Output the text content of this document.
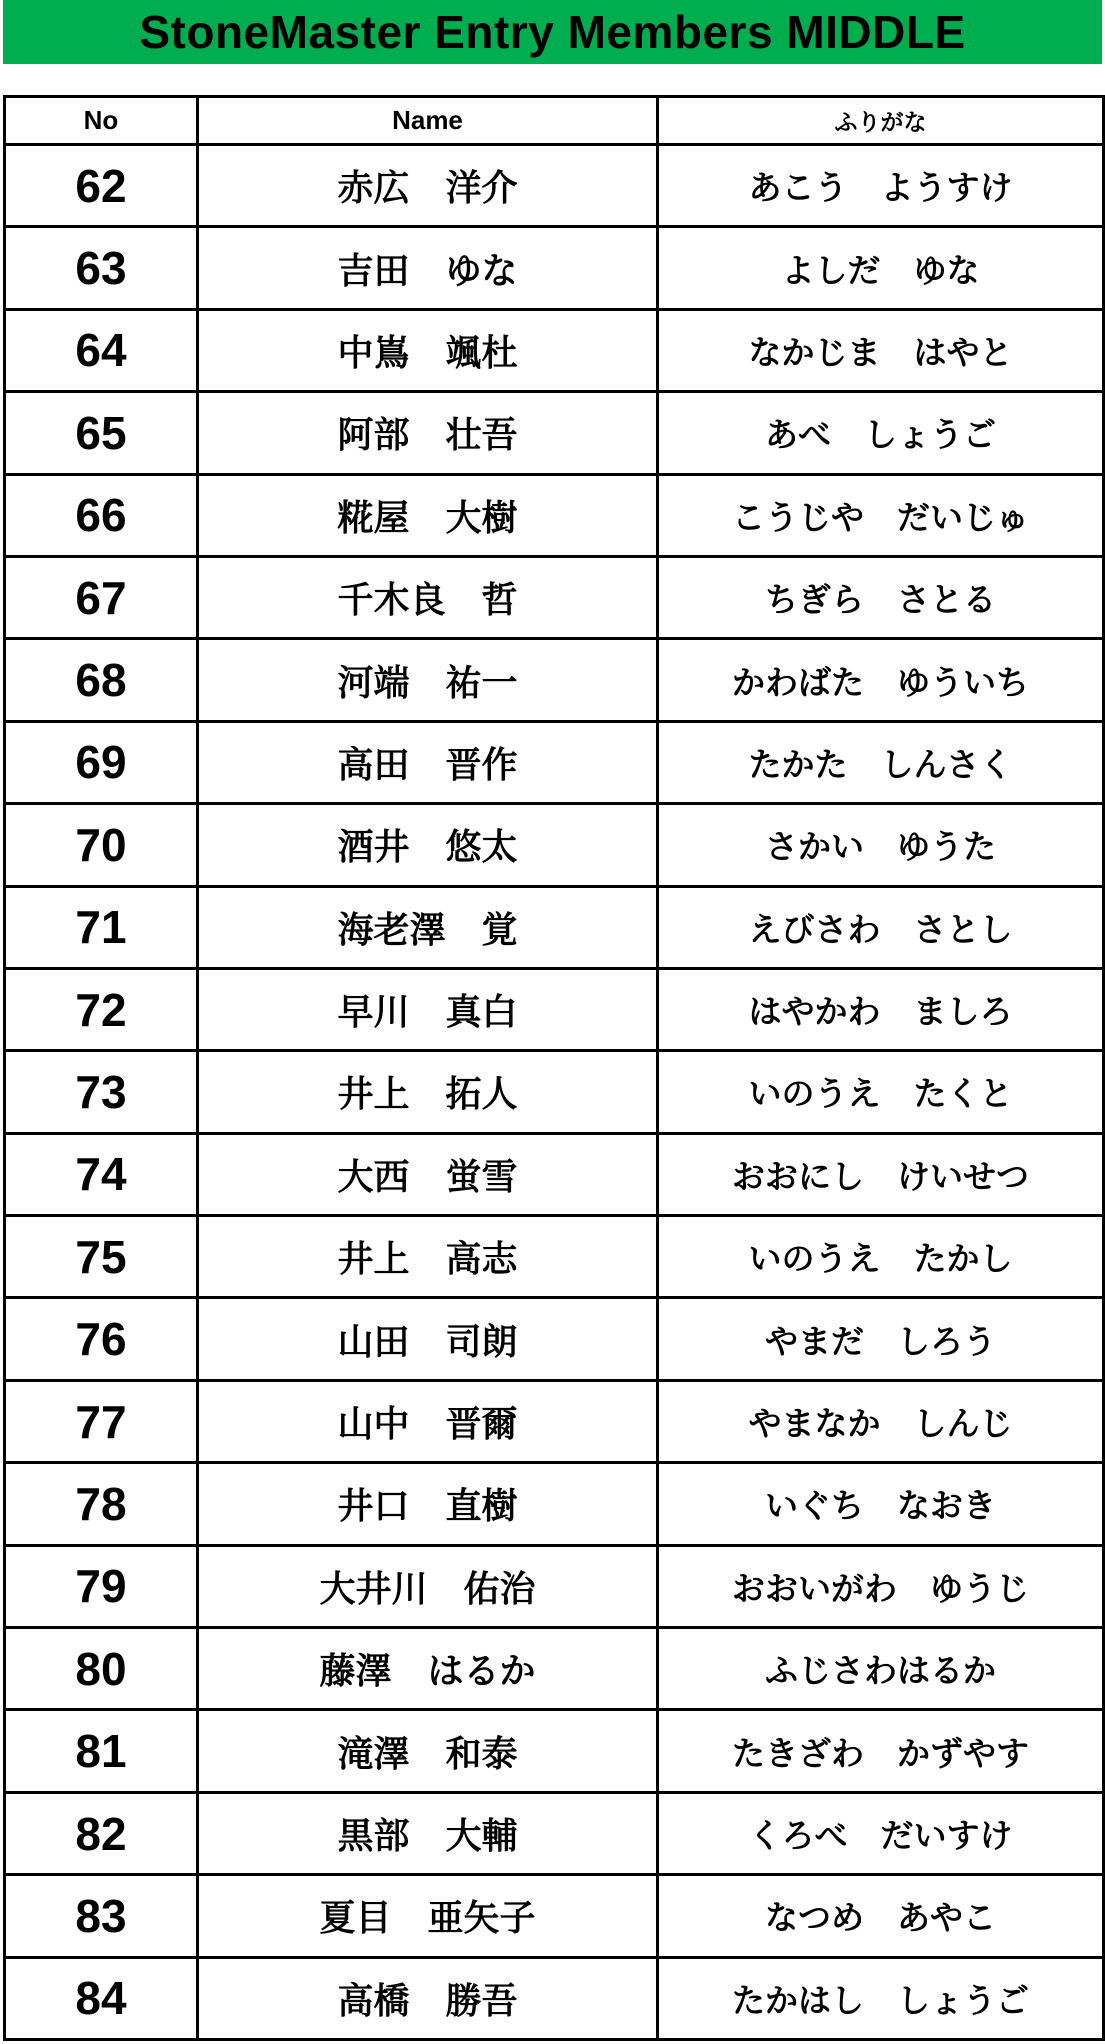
StoneMaster Entry Members MIDDLE
No	Name	ふりがな
62	赤広　洋介	あこう　ようすけ
63	吉田　ゆな	よしだ　ゆな
64	中嶌　颯杜	なかじま　はやと
65	阿部　壮吾	あべ　しょうご
66	糀屋　大樹	こうじや　だいじゅ
67	千木良　哲	ちぎら　さとる
68	河端　祐一	かわばた　ゆういち
69	高田　晋作	たかた　しんさく
70	酒井　悠太	さかい　ゆうた
71	海老澤　覚	えびさわ　さとし
72	早川　真白	はやかわ　ましろ
73	井上　拓人	いのうえ　たくと
74	大西　蛍雪	おおにし　けいせつ
75	井上　高志	いのうえ　たかし
76	山田　司朗	やまだ　しろう
77	山中　晋爾	やまなか　しんじ
78	井口　直樹	いぐち　なおき
79	大井川　佑治	おおいがわ　ゆうじ
80	藤澤　はるか	ふじさわはるか
81	滝澤　和泰	たきざわ　かずやす
82	黒部　大輔	くろべ　だいすけ
83	夏目　亜矢子	なつめ　あやこ
84	高橋　勝吾	たかはし　しょうご
